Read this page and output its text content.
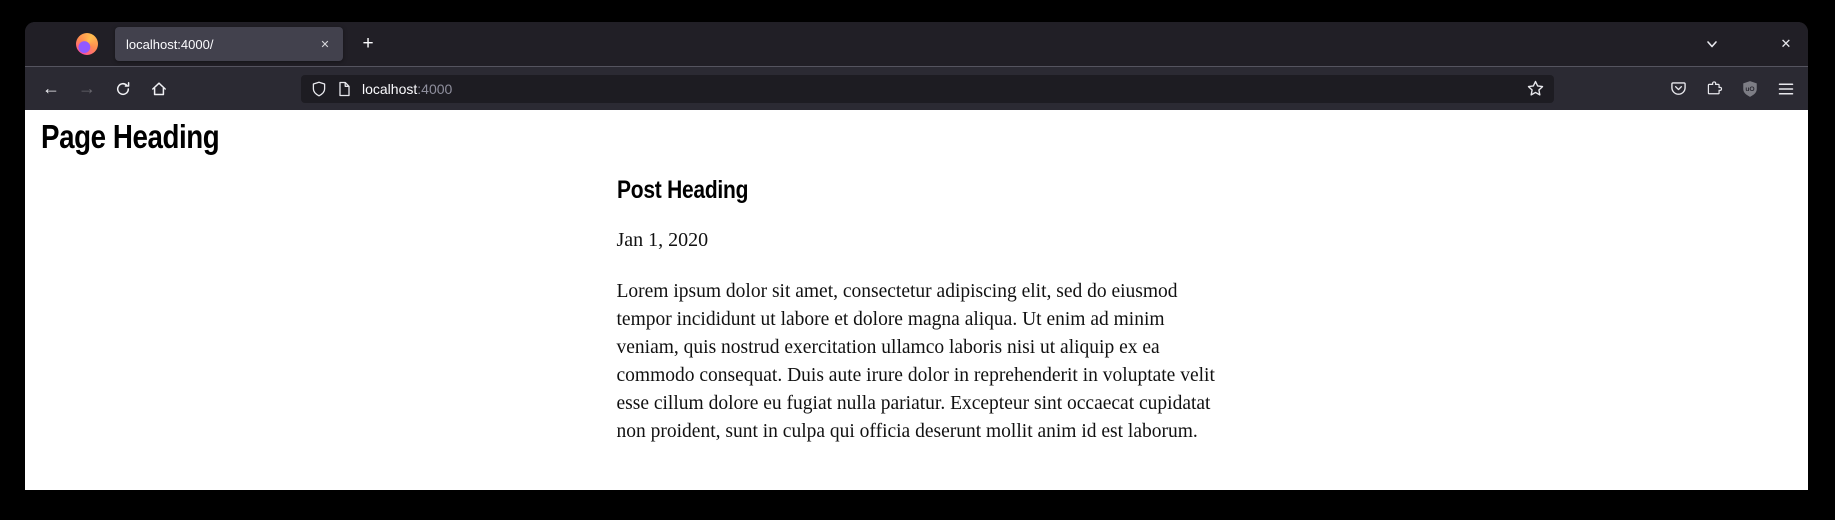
localhost:4000/	✕	+	✕
← →	localhost:4000	uO
Page Heading
Post Heading
Jan 1, 2020

Lorem ipsum dolor sit amet, consectetur adipiscing elit, sed do eiusmod tempor incididunt ut labore et dolore magna aliqua. Ut enim ad minim veniam, quis nostrud exercitation ullamco laboris nisi ut aliquip ex ea commodo consequat. Duis aute irure dolor in reprehenderit in voluptate velit esse cillum dolore eu fugiat nulla pariatur. Excepteur sint occaecat cupidatat non proident, sunt in culpa qui officia deserunt mollit anim id est laborum.
